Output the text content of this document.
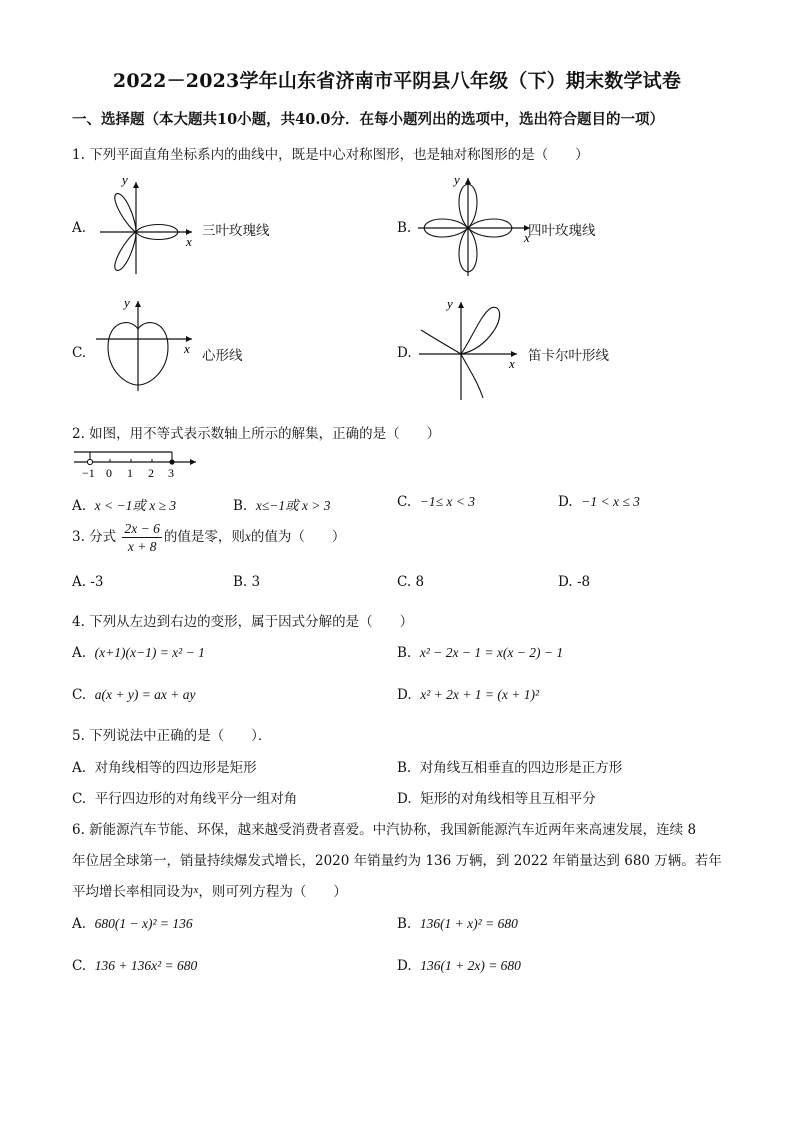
2022－2023学年山东省济南市平阴县八年级（下）期末数学试卷
一、选择题（本大题共10小题，共40.0分．在每小题列出的选项中，选出符合题目的一项）
1. 下列平面直角坐标系内的曲线中，既是中心对称图形，也是轴对称图形的是（　　）
A.
x
y
三叶玫瑰线	B.
x
y
四叶玫瑰线
C.	x
y
心形线	D.
x
y
笛卡尔叶形线
2. 如图，用不等式表示数轴上所示的解集，正确的是（　　）
−1 0 1 2 3
A. x < −1或 x ≥ 3	B. x≤−1或 x > 3	C. −1≤ x < 3	D. −1 < x ≤ 3
3. 分式 $\frac{2x - 6}{x + 8}$ 的值是零，则x的值为（　　）
A. -3	B. 3	C. 8	D. -8
4. 下列从左边到右边的变形，属于因式分解的是（　　）
A. (x+1)(x−1) = x² − 1	B. x² − 2x − 1 = x(x − 2) − 1
C. a(x + y) = ax + ay	D. x² + 2x + 1 = (x + 1)²
5. 下列说法中正确的是（　　）．
A. 对角线相等的四边形是矩形	B. 对角线互相垂直的四边形是正方形
C. 平行四边形的对角线平分一组对角	D. 矩形的对角线相等且互相平分
6. 新能源汽车节能、环保，越来越受消费者喜爱。中汽协称，我国新能源汽车近两年来高速发展，连续 8
年位居全球第一，销量持续爆发式增长，2020 年销量约为 136 万辆，到 2022 年销量达到 680 万辆。若年
平均增长率相同设为$^x$，则可列方程为（　　）
A. 680(1 − x)² = 136	B. 136(1 + x)² = 680
C. 136 + 136x² = 680	D. 136(1 + 2x) = 680
